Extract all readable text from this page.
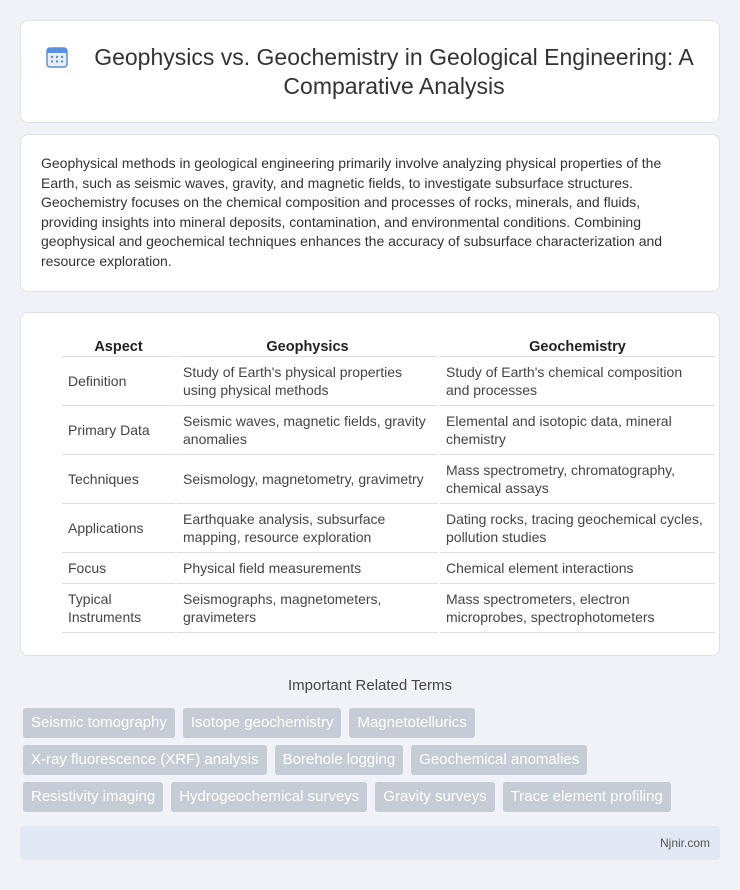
Geophysics vs. Geochemistry in Geological Engineering: A Comparative Analysis

Geophysical methods in geological engineering primarily involve analyzing physical properties of the Earth, such as seismic waves, gravity, and magnetic fields, to investigate subsurface structures. Geochemistry focuses on the chemical composition and processes of rocks, minerals, and fluids, providing insights into mineral deposits, contamination, and environmental conditions. Combining geophysical and geochemical techniques enhances the accuracy of subsurface characterization and resource exploration.

Aspect	Geophysics	Geochemistry
Definition	Study of Earth's physical properties using physical methods	Study of Earth's chemical composition and processes
Primary Data	Seismic waves, magnetic fields, gravity anomalies	Elemental and isotopic data, mineral chemistry
Techniques	Seismology, magnetometry, gravimetry	Mass spectrometry, chromatography, chemical assays
Applications	Earthquake analysis, subsurface mapping, resource exploration	Dating rocks, tracing geochemical cycles, pollution studies
Focus	Physical field measurements	Chemical element interactions
Typical Instruments	Seismographs, magnetometers, gravimeters	Mass spectrometers, electron microprobes, spectrophotometers
Important Related Terms
Seismic tomography	Isotope geochemistry	Magnetotellurics
X-ray fluorescence (XRF) analysis	Borehole logging	Geochemical anomalies
Resistivity imaging	Hydrogeochemical surveys	Gravity surveys	Trace element profiling
Njnir.com
